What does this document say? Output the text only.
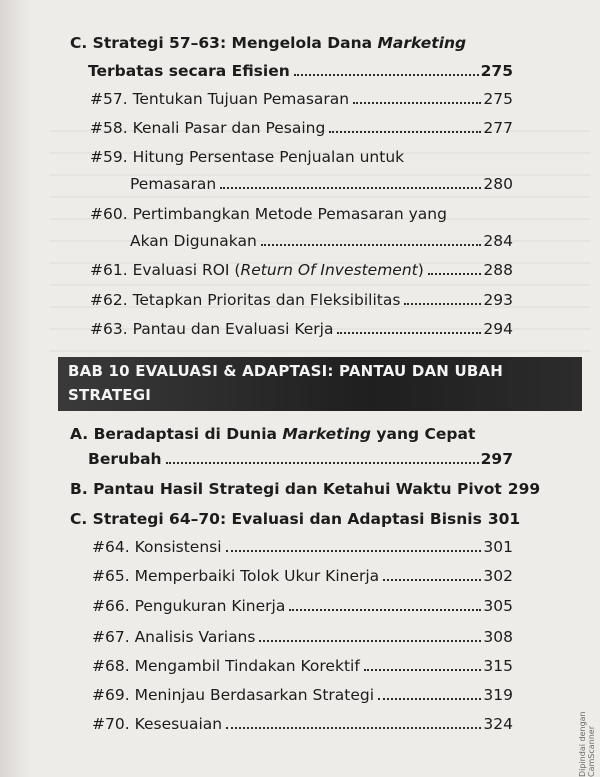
C. Strategi 57–63: Mengelola Dana Marketing
Terbatas secara Efisien	275
#57. Tentukan Tujuan Pemasaran	275
#58. Kenali Pasar dan Pesaing	277
#59. Hitung Persentase Penjualan untuk
Pemasaran	280
#60. Pertimbangkan Metode Pemasaran yang
Akan Digunakan	284
#61. Evaluasi ROI (Return Of Investement)	288
#62. Tetapkan Prioritas dan Fleksibilitas	293
#63. Pantau dan Evaluasi Kerja	294
BAB 10 EVALUASI & ADAPTASI: PANTAU DAN UBAH
STRATEGI
A. Beradaptasi di Dunia Marketing yang Cepat
Berubah	297
B. Pantau Hasil Strategi dan Ketahui Waktu Pivot 299
C. Strategi 64–70: Evaluasi dan Adaptasi Bisnis 301
#64. Konsistensi	301
#65. Memperbaiki Tolok Ukur Kinerja	302
#66. Pengukuran Kinerja	305
#67. Analisis Varians	308
#68. Mengambil Tindakan Korektif	315
#69. Meninjau Berdasarkan Strategi	319
#70. Kesesuaian	324	Dipindai dengan CamScanner
